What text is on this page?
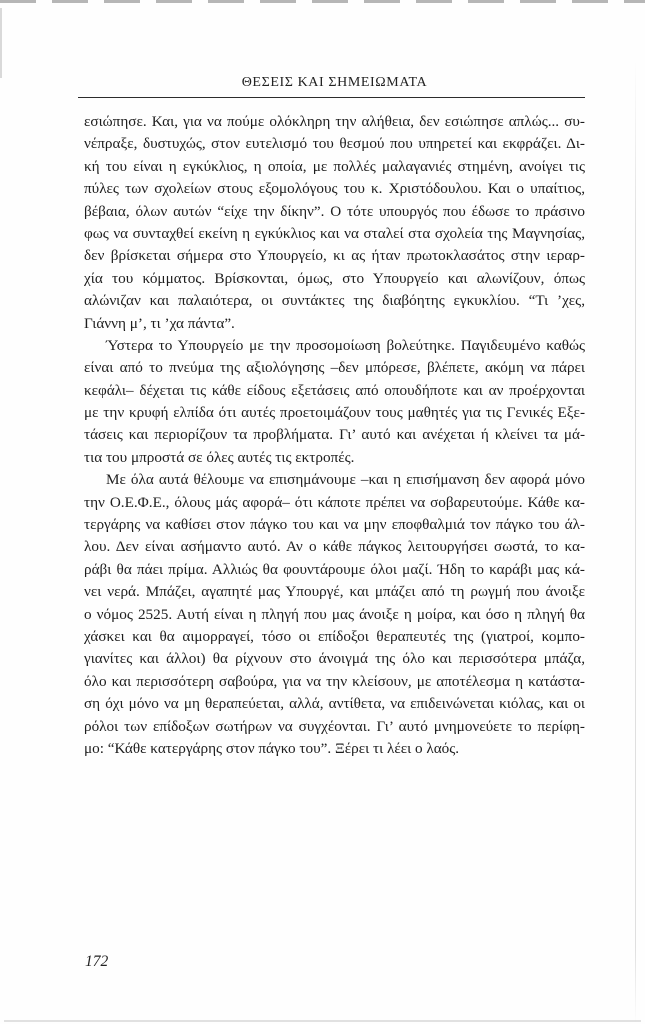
ΘΕΣΕΙΣ ΚΑΙ ΣΗΜΕΙΩΜΑΤΑ
εσιώπησε. Και, για να πούμε ολόκληρη την αλήθεια, δεν εσιώπησε απλώς... συ-
νέπραξε, δυστυχώς, στον ευτελισμό του θεσμού που υπηρετεί και εκφράζει. Δι-
κή του είναι η εγκύκλιος, η οποία, με πολλές μαλαγανιές στημένη, ανοίγει τις
πύλες των σχολείων στους εξομολόγους του κ. Χριστόδουλου. Και ο υπαίτιος,
βέβαια, όλων αυτών “είχε την δίκην”. Ο τότε υπουργός που έδωσε το πράσινο
φως να συνταχθεί εκείνη η εγκύκλιος και να σταλεί στα σχολεία της Μαγνησίας,
δεν βρίσκεται σήμερα στο Υπουργείο, κι ας ήταν πρωτοκλασάτος στην ιεραρ-
χία του κόμματος. Βρίσκονται, όμως, στο Υπουργείο και αλωνίζουν, όπως
αλώνιζαν και παλαιότερα, οι συντάκτες της διαβόητης εγκυκλίου. “Τι ’χες,
Γιάννη μ’, τι ’χα πάντα”.
Ύστερα το Υπουργείο με την προσομοίωση βολεύτηκε. Παγιδευμένο καθώς
είναι από το πνεύμα της αξιολόγησης –δεν μπόρεσε, βλέπετε, ακόμη να πάρει
κεφάλι– δέχεται τις κάθε είδους εξετάσεις από οπουδήποτε και αν προέρχονται
με την κρυφή ελπίδα ότι αυτές προετοιμάζουν τους μαθητές για τις Γενικές Εξε-
τάσεις και περιορίζουν τα προβλήματα. Γι’ αυτό και ανέχεται ή κλείνει τα μά-
τια του μπροστά σε όλες αυτές τις εκτροπές.
Με όλα αυτά θέλουμε να επισημάνουμε –και η επισήμανση δεν αφορά μόνο
την Ο.Ε.Φ.Ε., όλους μάς αφορά– ότι κάποτε πρέπει να σοβαρευτούμε. Κάθε κα-
τεργάρης να καθίσει στον πάγκο του και να μην εποφθαλμιά τον πάγκο του άλ-
λου. Δεν είναι ασήμαντο αυτό. Αν ο κάθε πάγκος λειτουργήσει σωστά, το κα-
ράβι θα πάει πρίμα. Αλλιώς θα φουντάρουμε όλοι μαζί. Ήδη το καράβι μας κά-
νει νερά. Μπάζει, αγαπητέ μας Υπουργέ, και μπάζει από τη ρωγμή που άνοιξε
ο νόμος 2525. Αυτή είναι η πληγή που μας άνοιξε η μοίρα, και όσο η πληγή θα
χάσκει και θα αιμορραγεί, τόσο οι επίδοξοι θεραπευτές της (γιατροί, κομπο-
γιανίτες και άλλοι) θα ρίχνουν στο άνοιγμά της όλο και περισσότερα μπάζα,
όλο και περισσότερη σαβούρα, για να την κλείσουν, με αποτέλεσμα η κατάστα-
ση όχι μόνο να μη θεραπεύεται, αλλά, αντίθετα, να επιδεινώνεται κιόλας, και οι
ρόλοι των επίδοξων σωτήρων να συγχέονται. Γι’ αυτό μνημονεύετε το περίφη-
μο: “Κάθε κατεργάρης στον πάγκο του”. Ξέρει τι λέει ο λαός.
172
